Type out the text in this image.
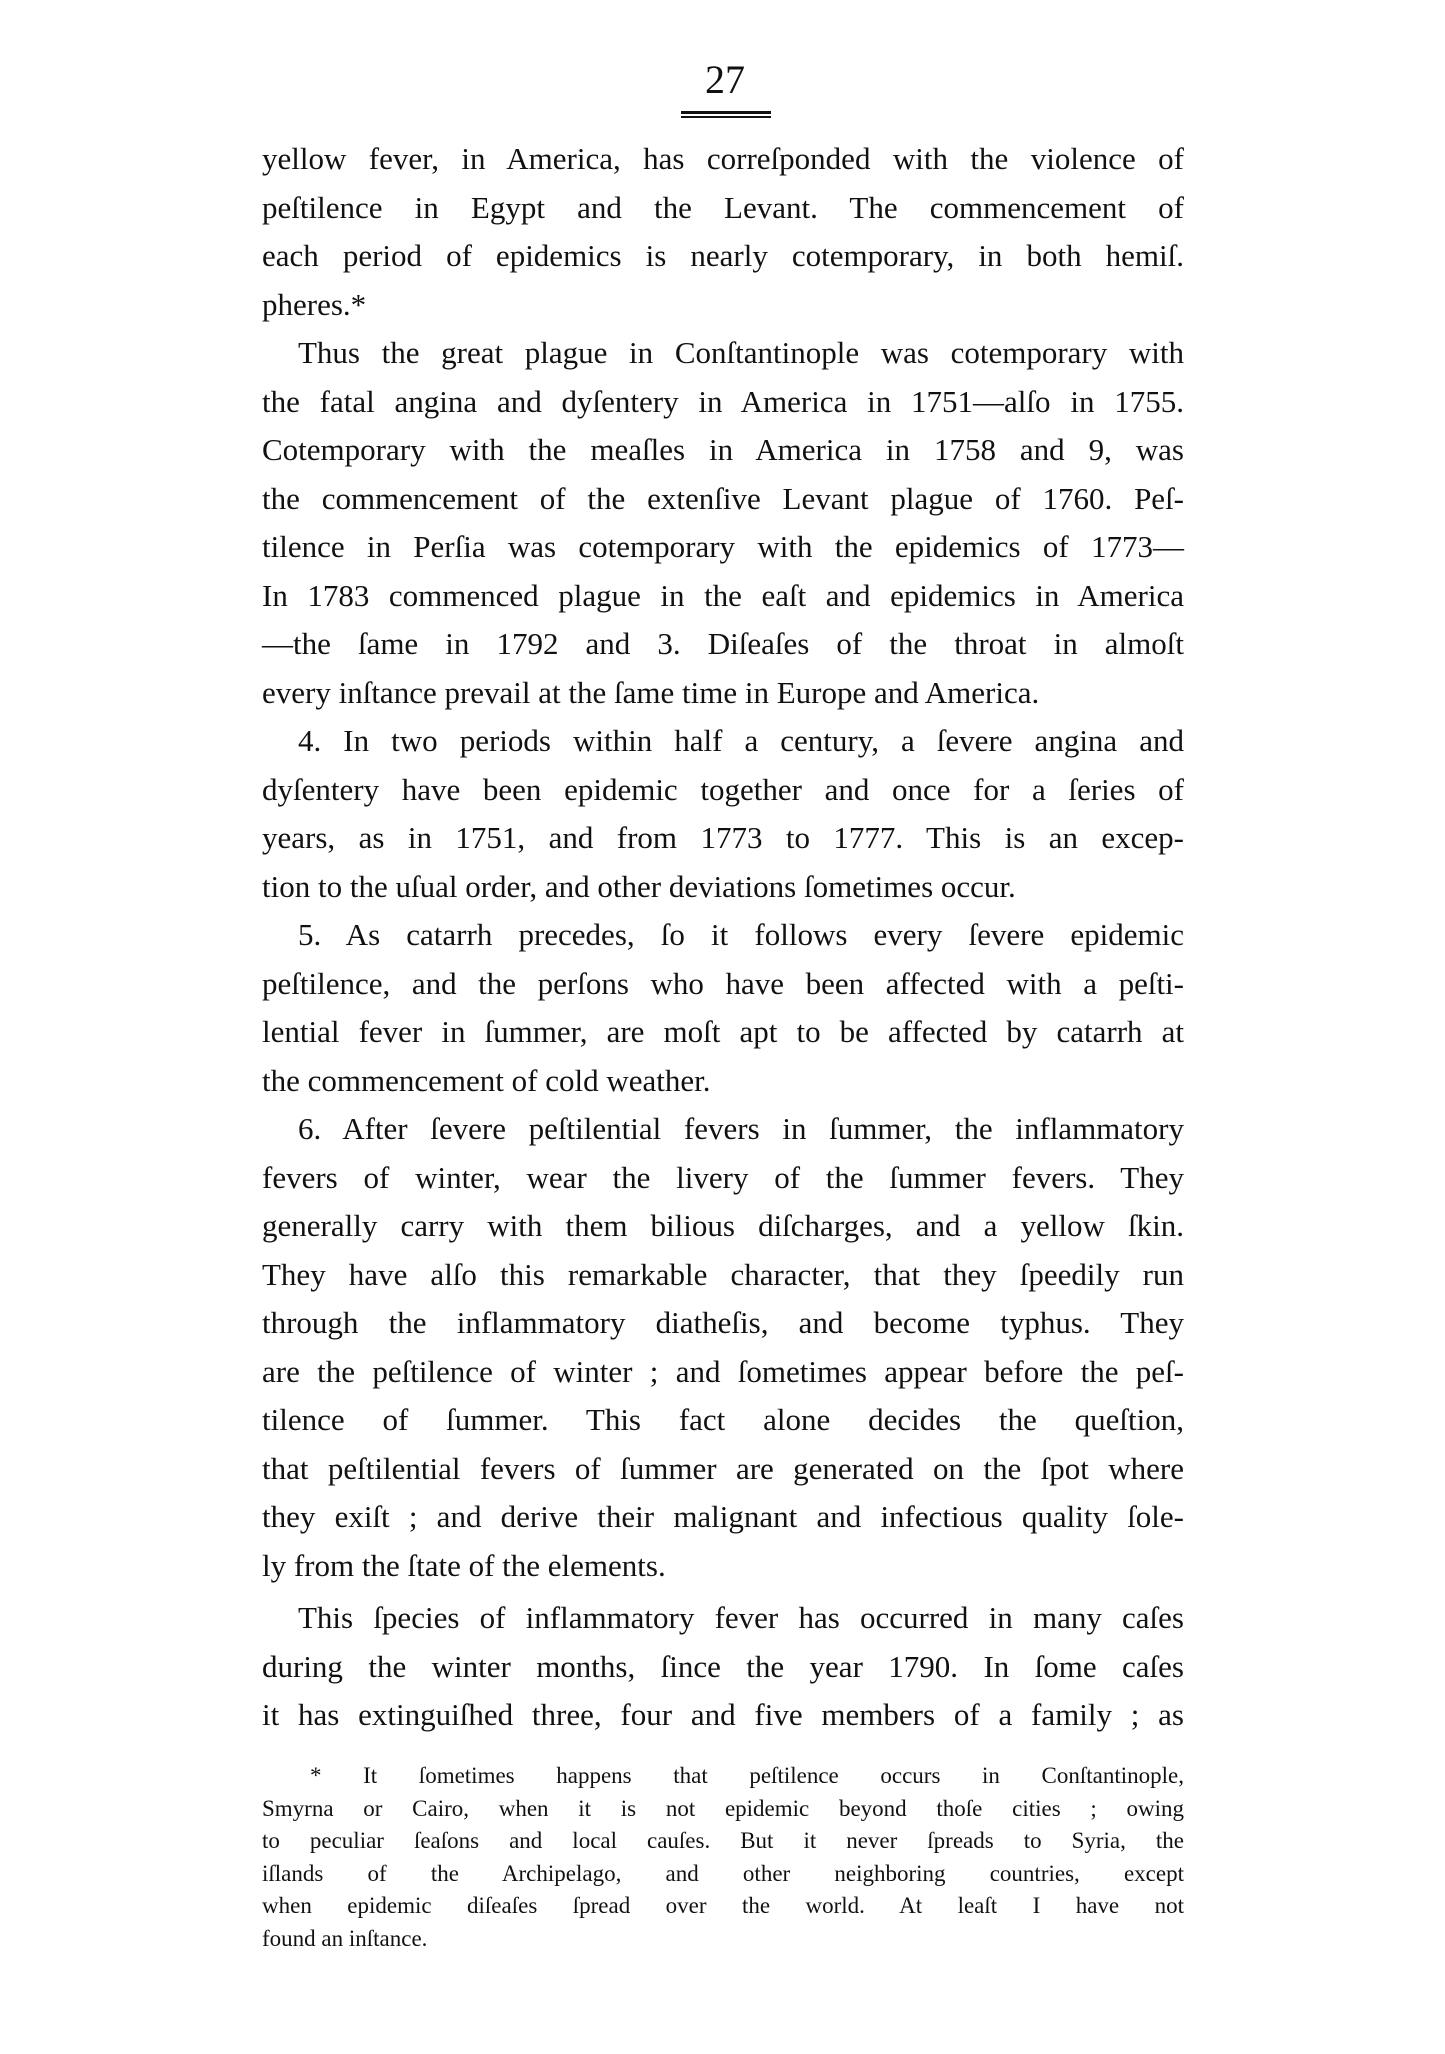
27
yellow fever, in America, has correſponded with the violence of
peſtilence in Egypt and the Levant. The commencement of
each period of epidemics is nearly cotemporary, in both hemiſ.
pheres.*
Thus the great plague in Conſtantinople was cotemporary with
the fatal angina and dyſentery in America in 1751—alſo in 1755.
Cotemporary with the meaſles in America in 1758 and 9, was
the commencement of the extenſive Levant plague of 1760. Peſ-
tilence in Perſia was cotemporary with the epidemics of 1773—
In 1783 commenced plague in the eaſt and epidemics in America
—the ſame in 1792 and 3. Diſeaſes of the throat in almoſt
every inſtance prevail at the ſame time in Europe and America.
4. In two periods within half a century, a ſevere angina and
dyſentery have been epidemic together and once for a ſeries of
years, as in 1751, and from 1773 to 1777. This is an excep-
tion to the uſual order, and other deviations ſometimes occur.
5. As catarrh precedes, ſo it follows every ſevere epidemic
peſtilence, and the perſons who have been affected with a peſti-
lential fever in ſummer, are moſt apt to be affected by catarrh at
the commencement of cold weather.
6. After ſevere peſtilential fevers in ſummer, the inflammatory
fevers of winter, wear the livery of the ſummer fevers. They
generally carry with them bilious diſcharges, and a yellow ſkin.
They have alſo this remarkable character, that they ſpeedily run
through the inflammatory diatheſis, and become typhus. They
are the peſtilence of winter ; and ſometimes appear before the peſ-
tilence of ſummer. This fact alone decides the queſtion,
that peſtilential fevers of ſummer are generated on the ſpot where
they exiſt ; and derive their malignant and infectious quality ſole-
ly from the ſtate of the elements.
This ſpecies of inflammatory fever has occurred in many caſes
during the winter months, ſince the year 1790. In ſome caſes
it has extinguiſhed three, four and five members of a family ; as
* It ſometimes happens that peſtilence occurs in Conſtantinople,
Smyrna or Cairo, when it is not epidemic beyond thoſe cities ; owing
to peculiar ſeaſons and local cauſes. But it never ſpreads to Syria, the
iſlands of the Archipelago, and other neighboring countries, except
when epidemic diſeaſes ſpread over the world. At leaſt I have not
found an inſtance.
